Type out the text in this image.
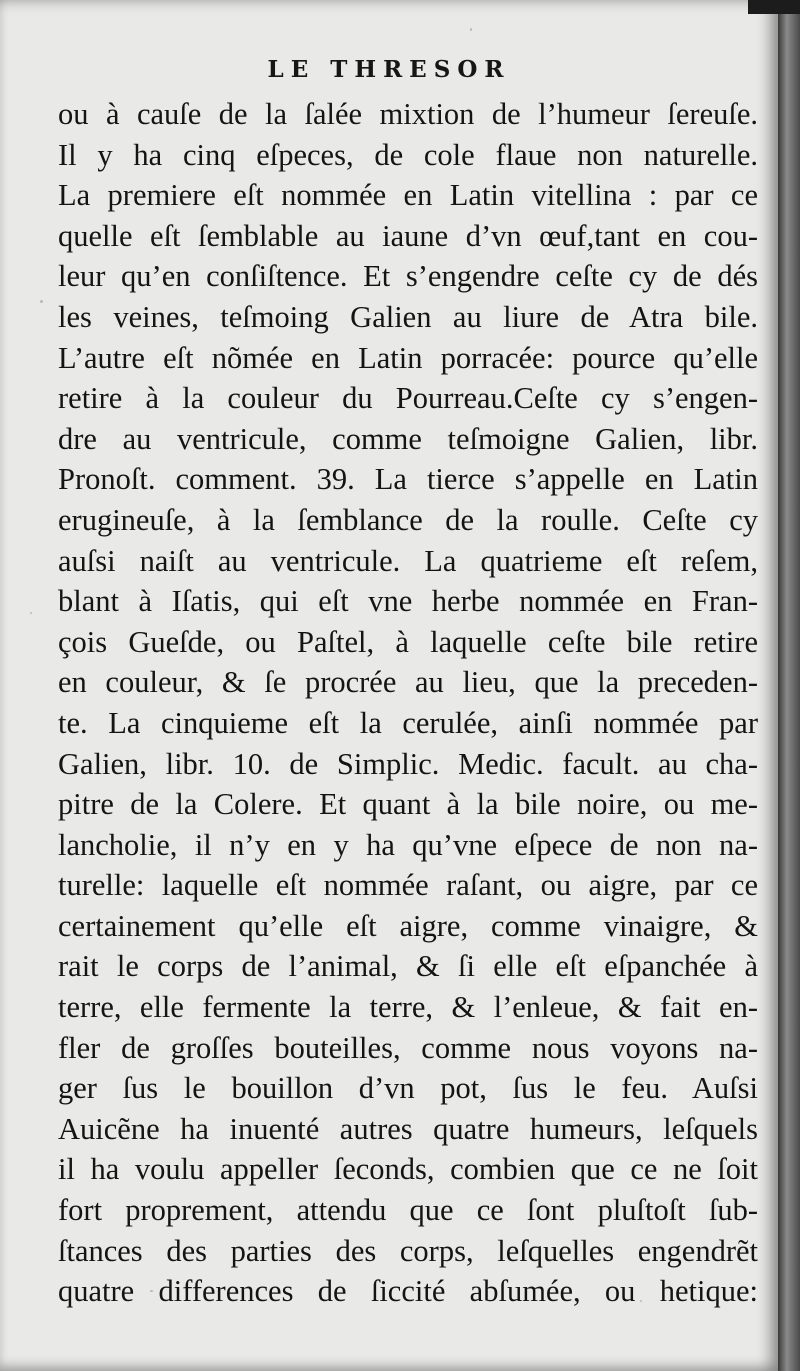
LE THRESOR
ou à cauſe de la ſalée mixtion de l’humeur ſereuſe.
Il y ha cinq eſpeces, de cole flaue non naturelle.
La premiere eſt nommée en Latin vitellina : par ce
quelle eſt ſemblable au iaune d’vn œuf,tant en cou-
leur qu’en conſiſtence. Et s’engendre ceſte cy de dés
les veines, teſmoing Galien au liure de Atra bile.
L’autre eſt nõmée en Latin porracée: pource qu’elle
retire à la couleur du Pourreau.Ceſte cy s’engen-
dre au ventricule, comme teſmoigne Galien, libr.
Pronoſt. comment. 39. La tierce s’appelle en Latin
erugineuſe, à la ſemblance de la roulle. Ceſte cy
auſsi naiſt au ventricule. La quatrieme eſt reſem,
blant à Iſatis, qui eſt vne herbe nommée en Fran-
çois Gueſde, ou Paſtel, à laquelle ceſte bile retire
en couleur, & ſe procrée au lieu, que la preceden-
te. La cinquieme eſt la cerulée, ainſi nommée par
Galien, libr. 10. de Simplic. Medic. facult. au cha-
pitre de la Colere. Et quant à la bile noire, ou me-
lancholie, il n’y en y ha qu’vne eſpece de non na-
turelle: laquelle eſt nommée raſant, ou aigre, par ce
certainement qu’elle eſt aigre, comme vinaigre, &
rait le corps de l’animal, & ſi elle eſt eſpanchée à
terre, elle fermente la terre, & l’enleue, & fait en-
fler de groſſes bouteilles, comme nous voyons na-
ger ſus le bouillon d’vn pot, ſus le feu. Auſsi
Auicẽne ha inuenté autres quatre humeurs, leſquels
il ha voulu appeller ſeconds, combien que ce ne ſoit
fort proprement, attendu que ce ſont pluſtoſt ſub-
ſtances des parties des corps, leſquelles engendrẽt
quatre differences de ſiccité abſumée, ou hetique:
